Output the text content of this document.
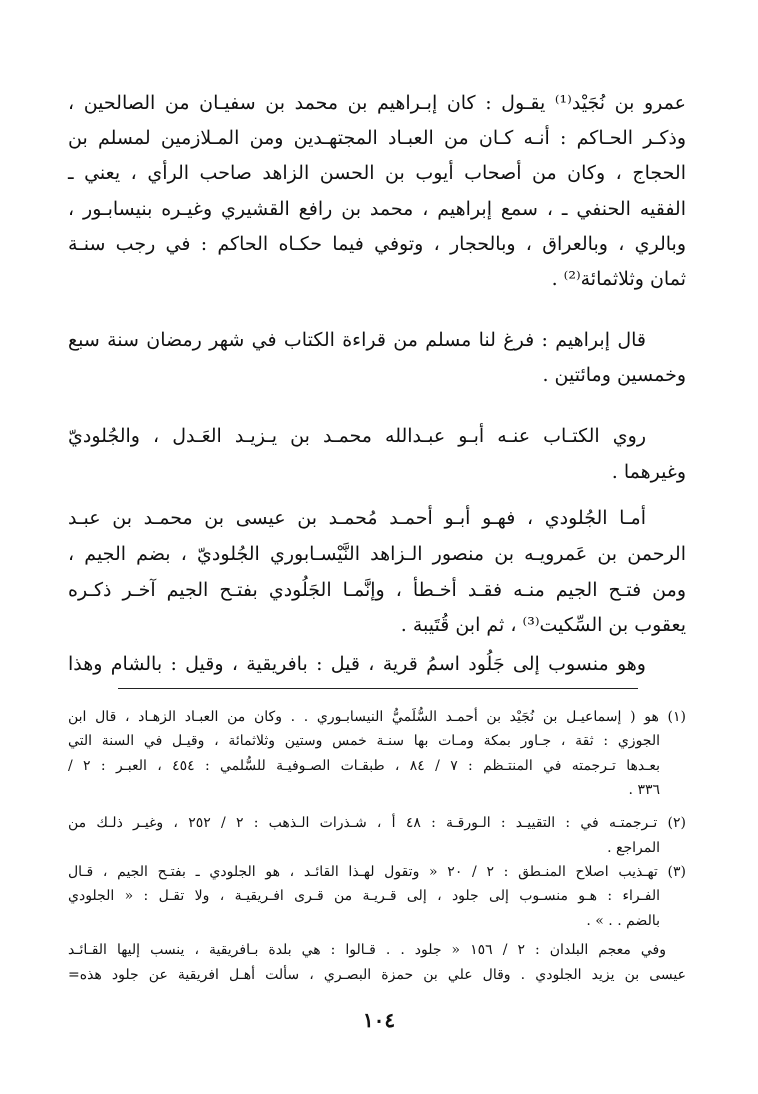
عمرو بن نُجَيْد⁽¹⁾ يقـول : كان إبـراهيم بن محمد بن سفيـان من الصالحين ،
وذكـر الحـاكم : أنـه كـان من العبـاد المجتهـدين ومن المـلازمين لمسلم بن
الحجاج ، وكان من أصحاب أيوب بن الحسن الزاهد صاحب الرأي ، يعني ـ
الفقيه الحنفي ـ ، سمع إبراهيم ، محمد بن رافع القشيري وغيـره بنيسابـور ،
وبالري ، وبالعراق ، وبالحجار ، وتوفي فيما حكـاه الحاكم : في رجب سنـة
ثمان وثلاثمائة⁽²⁾ .
قال إبراهيم : فرغ لنا مسلم من قراءة الكتاب في شهر رمضان سنة سبع
وخمسين ومائتين .
روي الكتـاب عنـه أبـو عبـدالله محمـد بن يـزيـد العَـدل ، والجُلوديّ
وغيرهما .
أمـا الجُلودي ، فهـو أبـو أحمـد مُحمـد بن عيسى بن محمـد بن عبـد
الرحمن بن عَمرويـه بن منصور الـزاهد النَّيْسـابوري الجُلوديّ ، بضم الجيم ،
ومن فتـح الجيم منـه فقـد أخـطأ ، وإنَّمـا الجَلُودي بفتـح الجيم آخـر ذكـره
يعقوب بن السِّكيت⁽³⁾ ، ثم ابن قُتَيبة .
وهو منسوب إلى جَلُود اسمُ قرية ، قيل : بافريقية ، وقيل : بالشام وهذا
(١) هو ( إسماعيـل بن نُجَيْد بن أحمـد السُّلَميُّ النيسابـوري . . وكان من العبـاد الزهـاد ، قال ابن
الجوزي : ثقة ، جـاور بمكة ومـات بها سنـة خمس وستين وثلاثمائة ، وقيـل في السنة التي
بعـدها تـرجمته في المنتـظم : ٧ / ٨٤ ، طبقـات الصـوفيـة للسُّلمي : ٤٥٤ ، العبـر : ٢ /
٣٣٦ .
(٢) تـرجمتـه في : التقييـد : الـورقـة : ٤٨ أ ، شـذرات الـذهب : ٢ / ٢٥٢ ، وغيـر ذلـك من
المراجع .
(٣) تهـذيب اصلاح المنـطق : ٢ / ٢٠ « وتقول لهـذا القائـد ، هو الجلودي ـ بفتـح الجيم ، قـال
الفـراء : هـو منسـوب إلى جلود ، إلى قـريـة من قـرى افـريقيـة ، ولا تقـل : « الجلودي
بالضم . . » .
وفي معجم البلدان : ٢ / ١٥٦ « جلود . . قـالوا : هي بلدة بـافريقية ، ينسب إليها القـائـد
عيسى بن يزيد الجلودي . وقال علي بن حمزة البصـري ، سألت أهـل افريقية عن جلود هذه=
١٠٤
